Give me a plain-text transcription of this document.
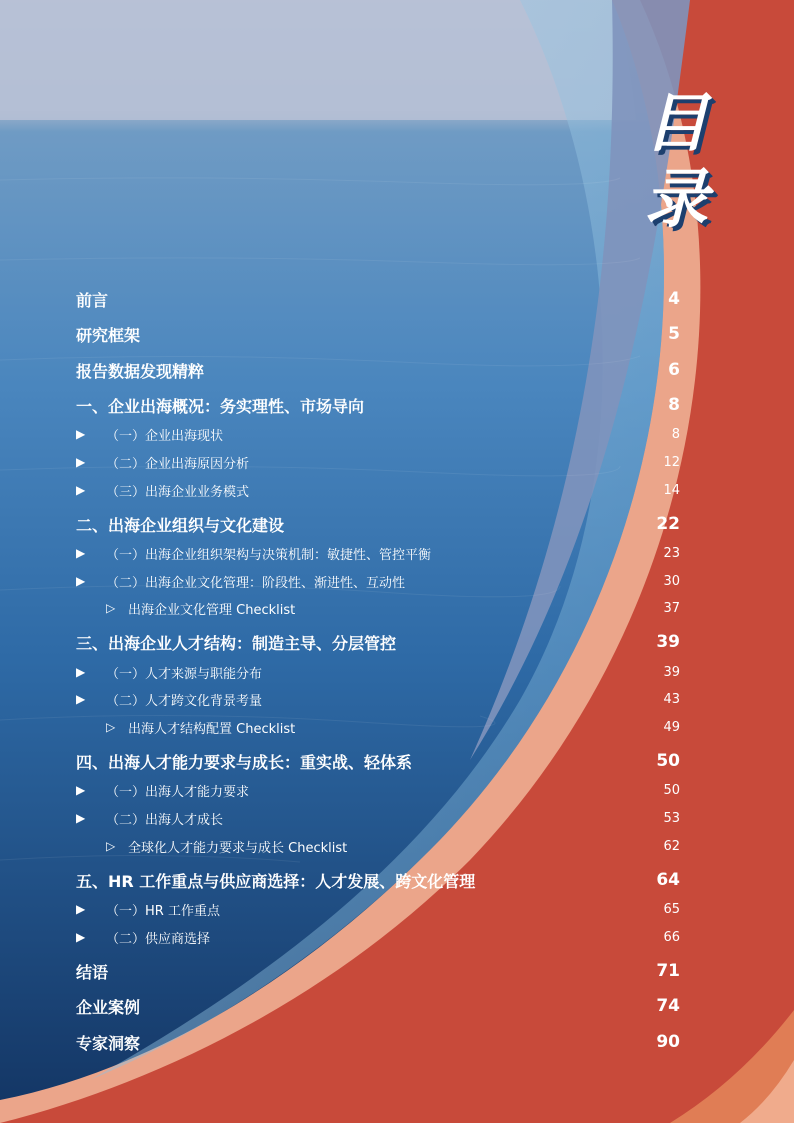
目
录
前言	4
研究框架	5
报告数据发现精粹	6
一、企业出海概况：务实理性、市场导向	8
▶	（一）企业出海现状	8
▶	（二）企业出海原因分析	12
▶	（三）出海企业业务模式	14
二、出海企业组织与文化建设	22
▶	（一）出海企业组织架构与决策机制：敏捷性、管控平衡	23
▶	（二）出海企业文化管理：阶段性、渐进性、互动性	30
▷ 出海企业文化管理 Checklist	37
三、出海企业人才结构：制造主导、分层管控	39
▶	（一）人才来源与职能分布	39
▶	（二）人才跨文化背景考量	43
▷ 出海人才结构配置 Checklist	49
四、出海人才能力要求与成长：重实战、轻体系	50
▶	（一）出海人才能力要求	50
▶	（二）出海人才成长	53
▷ 全球化人才能力要求与成长 Checklist	62
五、HR 工作重点与供应商选择：人才发展、跨文化管理	64
▶	（一）HR 工作重点	65
▶	（二）供应商选择	66
结语	71
企业案例	74
专家洞察	90
